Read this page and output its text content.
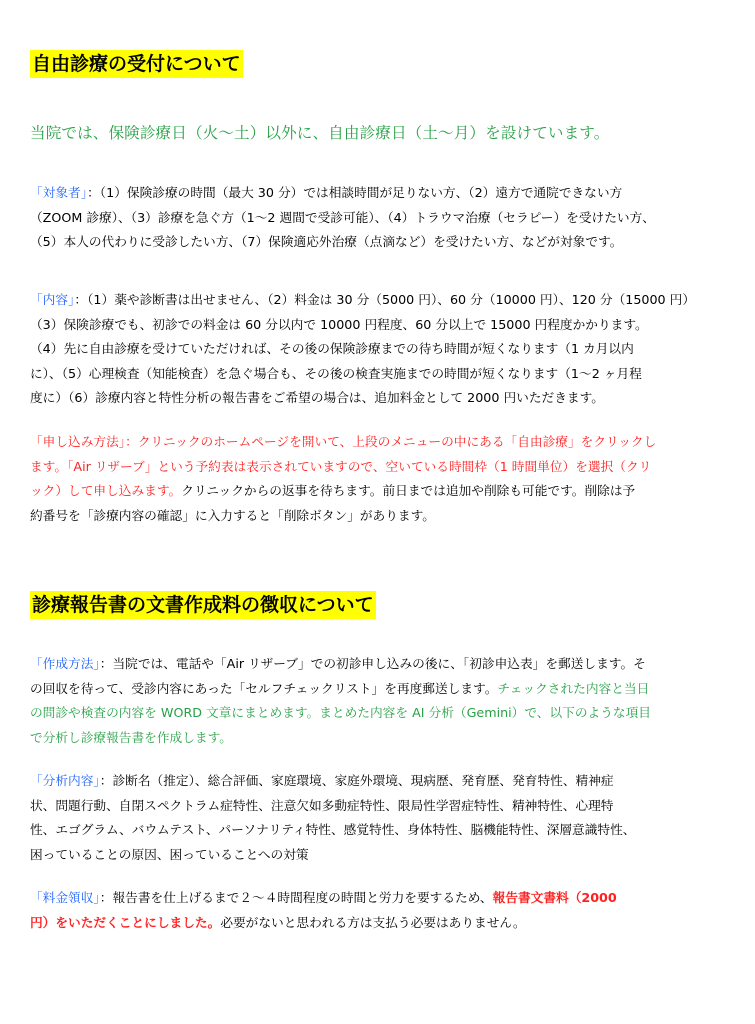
自由診療の受付について
当院では、保険診療日（火～土）以外に、自由診療日（土～月）を設けています。
「対象者」：（1）保険診療の時間（最大 30 分）では相談時間が足りない方、（2）遠方で通院できない方
（ZOOM 診療）、（3）診療を急ぐ方（1～2 週間で受診可能）、（4）トラウマ治療（セラピー）を受けたい方、
（5）本人の代わりに受診したい方、（7）保険適応外治療（点滴など）を受けたい方、などが対象です。
「内容」：（1）薬や診断書は出せません、（2）料金は 30 分（5000 円）、60 分（10000 円）、120 分（15000 円）
（3）保険診療でも、初診での料金は 60 分以内で 10000 円程度、60 分以上で 15000 円程度かかります。
（4）先に自由診療を受けていただければ、その後の保険診療までの待ち時間が短くなります（1 カ月以内
に）、（5）心理検査（知能検査）を急ぐ場合も、その後の検査実施までの時間が短くなります（1～2 ヶ月程
度に）（6）診療内容と特性分析の報告書をご希望の場合は、追加料金として 2000 円いただきます。
「申し込み方法」：クリニックのホームページを開いて、上段のメニューの中にある「自由診療」をクリックし
ます。「Air リザーブ」という予約表は表示されていますので、空いている時間枠（1 時間単位）を選択（クリ
ック）して申し込みます。クリニックからの返事を待ちます。前日までは追加や削除も可能です。削除は予
約番号を「診療内容の確認」に入力すると「削除ボタン」があります。
診療報告書の文書作成料の徴収について
「作成方法」：当院では、電話や「Air リザーブ」での初診申し込みの後に、「初診申込表」を郵送します。そ
の回収を待って、受診内容にあった「セルフチェックリスト」を再度郵送します。チェックされた内容と当日
の問診や検査の内容を WORD 文章にまとめます。まとめた内容を AI 分析（Gemini）で、以下のような項目
で分析し診療報告書を作成します。
「分析内容」：診断名（推定）、総合評価、家庭環境、家庭外環境、現病歴、発育歴、発育特性、精神症
状、問題行動、自閉スペクトラム症特性、注意欠如多動症特性、限局性学習症特性、精神特性、心理特
性、エゴグラム、バウムテスト、パーソナリティ特性、感覚特性、身体特性、脳機能特性、深層意識特性、
困っていることの原因、困っていることへの対策
「料金領収」：報告書を仕上げるまで２～４時間程度の時間と労力を要するため、報告書文書料（2000
円）をいただくことにしました。必要がないと思われる方は支払う必要はありません。
